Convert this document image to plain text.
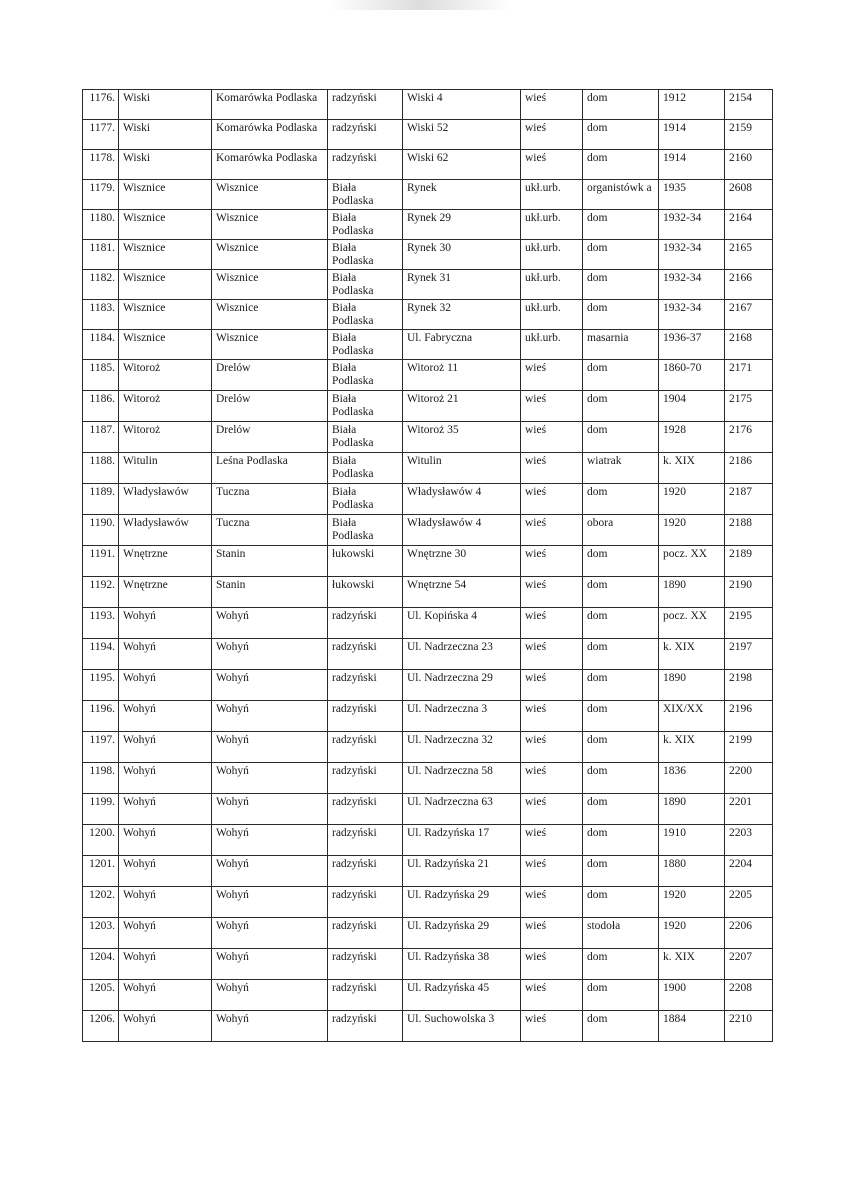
1176.	Wiski	Komarówka Podlaska	radzyński	Wiski 4	wieś	dom	1912	2154
1177.	Wiski	Komarówka Podlaska	radzyński	Wiski 52	wieś	dom	1914	2159
1178.	Wiski	Komarówka Podlaska	radzyński	Wiski 62	wieś	dom	1914	2160
1179.	Wisznice	Wisznice	Biała Podlaska	Rynek	ukł.urb.	organistówk a	1935	2608
1180.	Wisznice	Wisznice	Biała Podlaska	Rynek 29	ukł.urb.	dom	1932-34	2164
1181.	Wisznice	Wisznice	Biała Podlaska	Rynek 30	ukł.urb.	dom	1932-34	2165
1182.	Wisznice	Wisznice	Biała Podlaska	Rynek 31	ukł.urb.	dom	1932-34	2166
1183.	Wisznice	Wisznice	Biała Podlaska	Rynek 32	ukł.urb.	dom	1932-34	2167
1184.	Wisznice	Wisznice	Biała Podlaska	Ul. Fabryczna	ukł.urb.	masarnia	1936-37	2168
1185.	Witoroż	Drelów	Biała Podlaska	Witoroż 11	wieś	dom	1860-70	2171
1186.	Witoroż	Drelów	Biała Podlaska	Witoroż 21	wieś	dom	1904	2175
1187.	Witoroż	Drelów	Biała Podlaska	Witoroż 35	wieś	dom	1928	2176
1188.	Witulin	Leśna Podlaska	Biała Podlaska	Witulin	wieś	wiatrak	k. XIX	2186
1189.	Władysławów	Tuczna	Biała Podlaska	Władysławów 4	wieś	dom	1920	2187
1190.	Władysławów	Tuczna	Biała Podlaska	Władysławów 4	wieś	obora	1920	2188
1191.	Wnętrzne	Stanin	łukowski	Wnętrzne 30	wieś	dom	pocz. XX	2189
1192.	Wnętrzne	Stanin	łukowski	Wnętrzne 54	wieś	dom	1890	2190
1193.	Wohyń	Wohyń	radzyński	Ul. Kopińska 4	wieś	dom	pocz. XX	2195
1194.	Wohyń	Wohyń	radzyński	Ul. Nadrzeczna 23	wieś	dom	k. XIX	2197
1195.	Wohyń	Wohyń	radzyński	Ul. Nadrzeczna 29	wieś	dom	1890	2198
1196.	Wohyń	Wohyń	radzyński	Ul. Nadrzeczna 3	wieś	dom	XIX/XX	2196
1197.	Wohyń	Wohyń	radzyński	Ul. Nadrzeczna 32	wieś	dom	k. XIX	2199
1198.	Wohyń	Wohyń	radzyński	Ul. Nadrzeczna 58	wieś	dom	1836	2200
1199.	Wohyń	Wohyń	radzyński	Ul. Nadrzeczna 63	wieś	dom	1890	2201
1200.	Wohyń	Wohyń	radzyński	Ul. Radzyńska 17	wieś	dom	1910	2203
1201.	Wohyń	Wohyń	radzyński	Ul. Radzyńska 21	wieś	dom	1880	2204
1202.	Wohyń	Wohyń	radzyński	Ul. Radzyńska 29	wieś	dom	1920	2205
1203.	Wohyń	Wohyń	radzyński	Ul. Radzyńska 29	wieś	stodoła	1920	2206
1204.	Wohyń	Wohyń	radzyński	Ul. Radzyńska 38	wieś	dom	k. XIX	2207
1205.	Wohyń	Wohyń	radzyński	Ul. Radzyńska 45	wieś	dom	1900	2208
1206.	Wohyń	Wohyń	radzyński	Ul. Suchowolska 3	wieś	dom	1884	2210
